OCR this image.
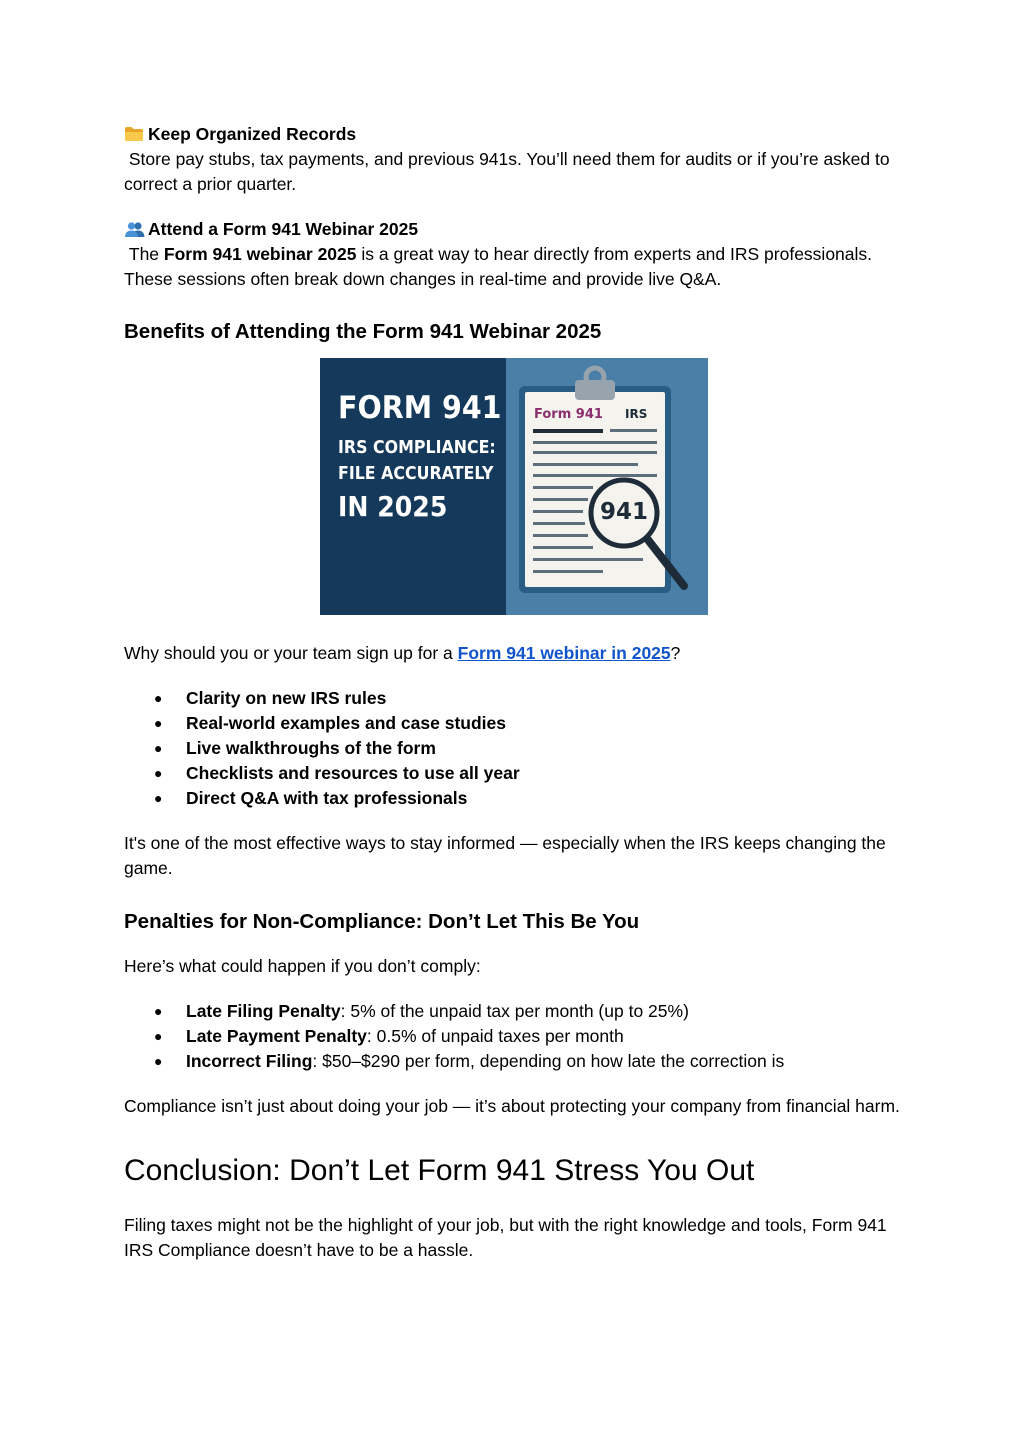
Keep Organized Records

Store pay stubs, tax payments, and previous 941s. You’ll need them for audits or if you’re asked to correct a prior quarter.

Attend a Form 941 Webinar 2025

The Form 941 webinar 2025 is a great way to hear directly from experts and IRS professionals. These sessions often break down changes in real-time and provide live Q&A.

Benefits of Attending the Form 941 Webinar 2025
FORM 941
IRS COMPLIANCE:
FILE ACCURATELY
IN 2025
Form 941 IRS
941

Why should you or your team sign up for a Form 941 webinar in 2025?

● Clarity on new IRS rules
● Real-world examples and case studies
● Live walkthroughs of the form
● Checklists and resources to use all year
● Direct Q&A with tax professionals

It's one of the most effective ways to stay informed — especially when the IRS keeps changing the game.

Penalties for Non-Compliance: Don’t Let This Be You

Here’s what could happen if you don’t comply:

● Late Filing Penalty: 5% of the unpaid tax per month (up to 25%)
● Late Payment Penalty: 0.5% of unpaid taxes per month
● Incorrect Filing: $50–$290 per form, depending on how late the correction is

Compliance isn’t just about doing your job — it’s about protecting your company from financial harm.

Conclusion: Don’t Let Form 941 Stress You Out

Filing taxes might not be the highlight of your job, but with the right knowledge and tools, Form 941 IRS Compliance doesn’t have to be a hassle.
